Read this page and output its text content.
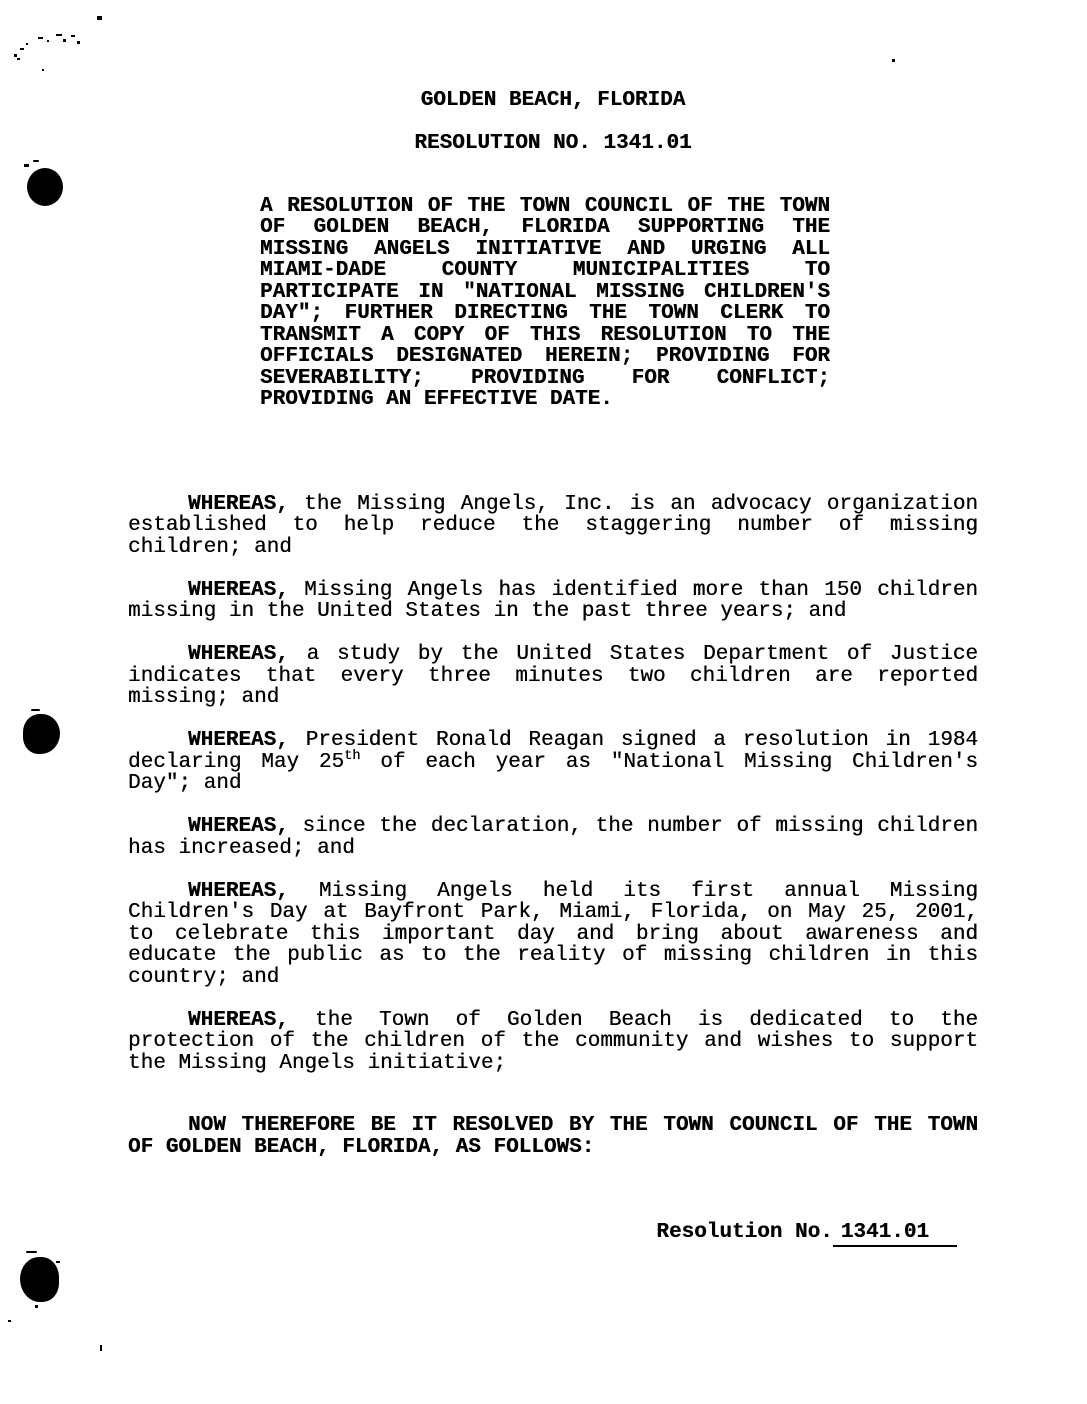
GOLDEN BEACH, FLORIDA
RESOLUTION NO. 1341.01
A RESOLUTION OF THE TOWN COUNCIL OF THE TOWN OF GOLDEN BEACH, FLORIDA SUPPORTING THE MISSING ANGELS INITIATIVE AND URGING ALL MIAMI-DADE COUNTY MUNICIPALITIES TO PARTICIPATE IN "NATIONAL MISSING CHILDREN'S DAY"; FURTHER DIRECTING THE TOWN CLERK TO TRANSMIT A COPY OF THIS RESOLUTION TO THE OFFICIALS DESIGNATED HEREIN; PROVIDING FOR SEVERABILITY; PROVIDING FOR CONFLICT; PROVIDING AN EFFECTIVE DATE.

WHEREAS, the Missing Angels, Inc. is an advocacy organization established to help reduce the staggering number of missing children; and

WHEREAS, Missing Angels has identified more than 150 children missing in the United States in the past three years; and

WHEREAS, a study by the United States Department of Justice indicates that every three minutes two children are reported missing; and

WHEREAS, President Ronald Reagan signed a resolution in 1984 declaring May 25th of each year as "National Missing Children's Day"; and

WHEREAS, since the declaration, the number of missing children has increased; and

WHEREAS, Missing Angels held its first annual Missing Children's Day at Bayfront Park, Miami, Florida, on May 25, 2001, to celebrate this important day and bring about awareness and educate the public as to the reality of missing children in this country; and

WHEREAS, the Town of Golden Beach is dedicated to the protection of the children of the community and wishes to support the Missing Angels initiative;

NOW THEREFORE BE IT RESOLVED BY THE TOWN COUNCIL OF THE TOWN OF GOLDEN BEACH, FLORIDA, AS FOLLOWS:

Resolution No.1341.01
